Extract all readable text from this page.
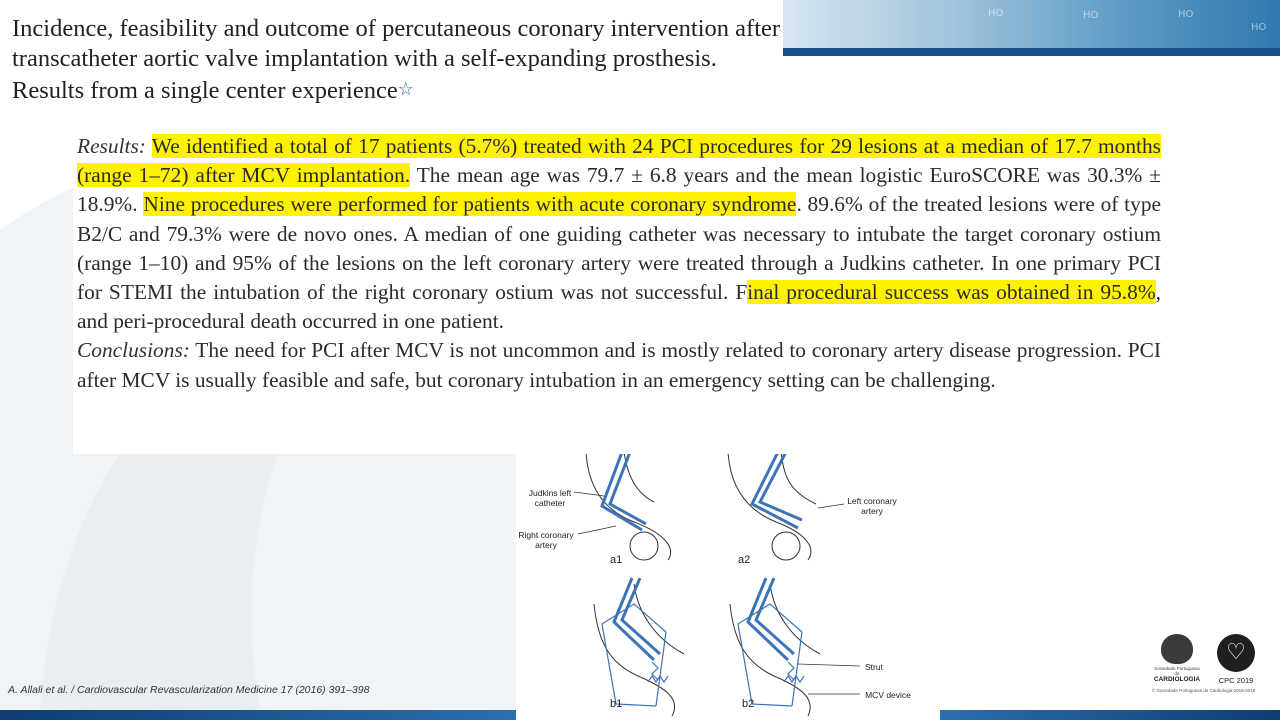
HO	HO	HO
HO
Incidence, feasibility and outcome of percutaneous coronary intervention after transcatheter aortic valve implantation with a self-expanding prosthesis. Results from a single center experience☆

Results: We identified a total of 17 patients (5.7%) treated with 24 PCI procedures for 29 lesions at a median of 17.7 months (range 1–72) after MCV implantation. The mean age was 79.7 ± 6.8 years and the mean logistic EuroSCORE was 30.3% ± 18.9%. Nine procedures were performed for patients with acute coronary syndrome. 89.6% of the treated lesions were of type B2/C and 79.3% were de novo ones. A median of one guiding catheter was necessary to intubate the target coronary ostium (range 1–10) and 95% of the lesions on the left coronary artery were treated through a Judkins catheter. In one primary PCI for STEMI the intubation of the right coronary ostium was not successful. Final procedural success was obtained in 95.8%, and peri-procedural death occurred in one patient.

Conclusions: The need for PCI after MCV is not uncommon and is mostly related to coronary artery disease progression. PCI after MCV is usually feasible and safe, but coronary intubation in an emergency setting can be challenging.

Judkins left catheter
Right coronary artery
Left coronary artery
Strut
MCV device
a1	a2
b1	b2
A. Allali et al. / Cardiovascular Revascularization Medicine 17 (2016) 391–398
Sociedade Portuguesa de
CARDIOLOGIA
♡
CPC 2019
© Sociedade Portuguesa de Cardiologia 2018-2019
